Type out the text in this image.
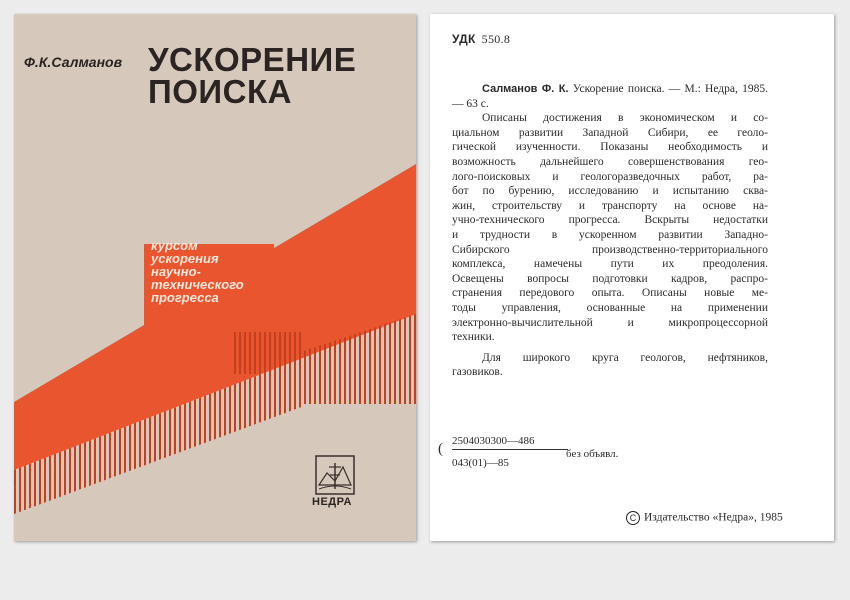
Ф.К.Салманов УСКОРЕНИЕ
ПОИСКА
курсом
ускорения
научно-
технического
прогресса
НЕДРА
УДК 550.8

Салманов Ф. К. Ускорение поиска. — М.: Недра, 1985. — 63 с.

Описаны достижения в экономическом и со-
циальном развитии Западной Сибири, ее геоло-
гической изученности. Показаны необходимость и
возможность дальнейшего совершенствования гео-
лого-поисковых и геологоразведочных работ, ра-
бот по бурению, исследованию и испытанию сква-
жин, строительству и транспорту на основе на-
учно-технического прогресса. Вскрыты недостатки
и трудности в ускоренном развитии Западно-
Сибирского производственно-территориального
комплекса, намечены пути их преодоления.
Освещены вопросы подготовки кадров, распро-
странения передового опыта. Описаны новые ме-
тоды управления, основанные на применении
электронно-вычислительной и микропроцессорной
техники.
Для широкого круга геологов, нефтяников,
газовиков.
( 2504030300—486
043(01)—85
без объявл.
C Издательство «Недра», 1985
